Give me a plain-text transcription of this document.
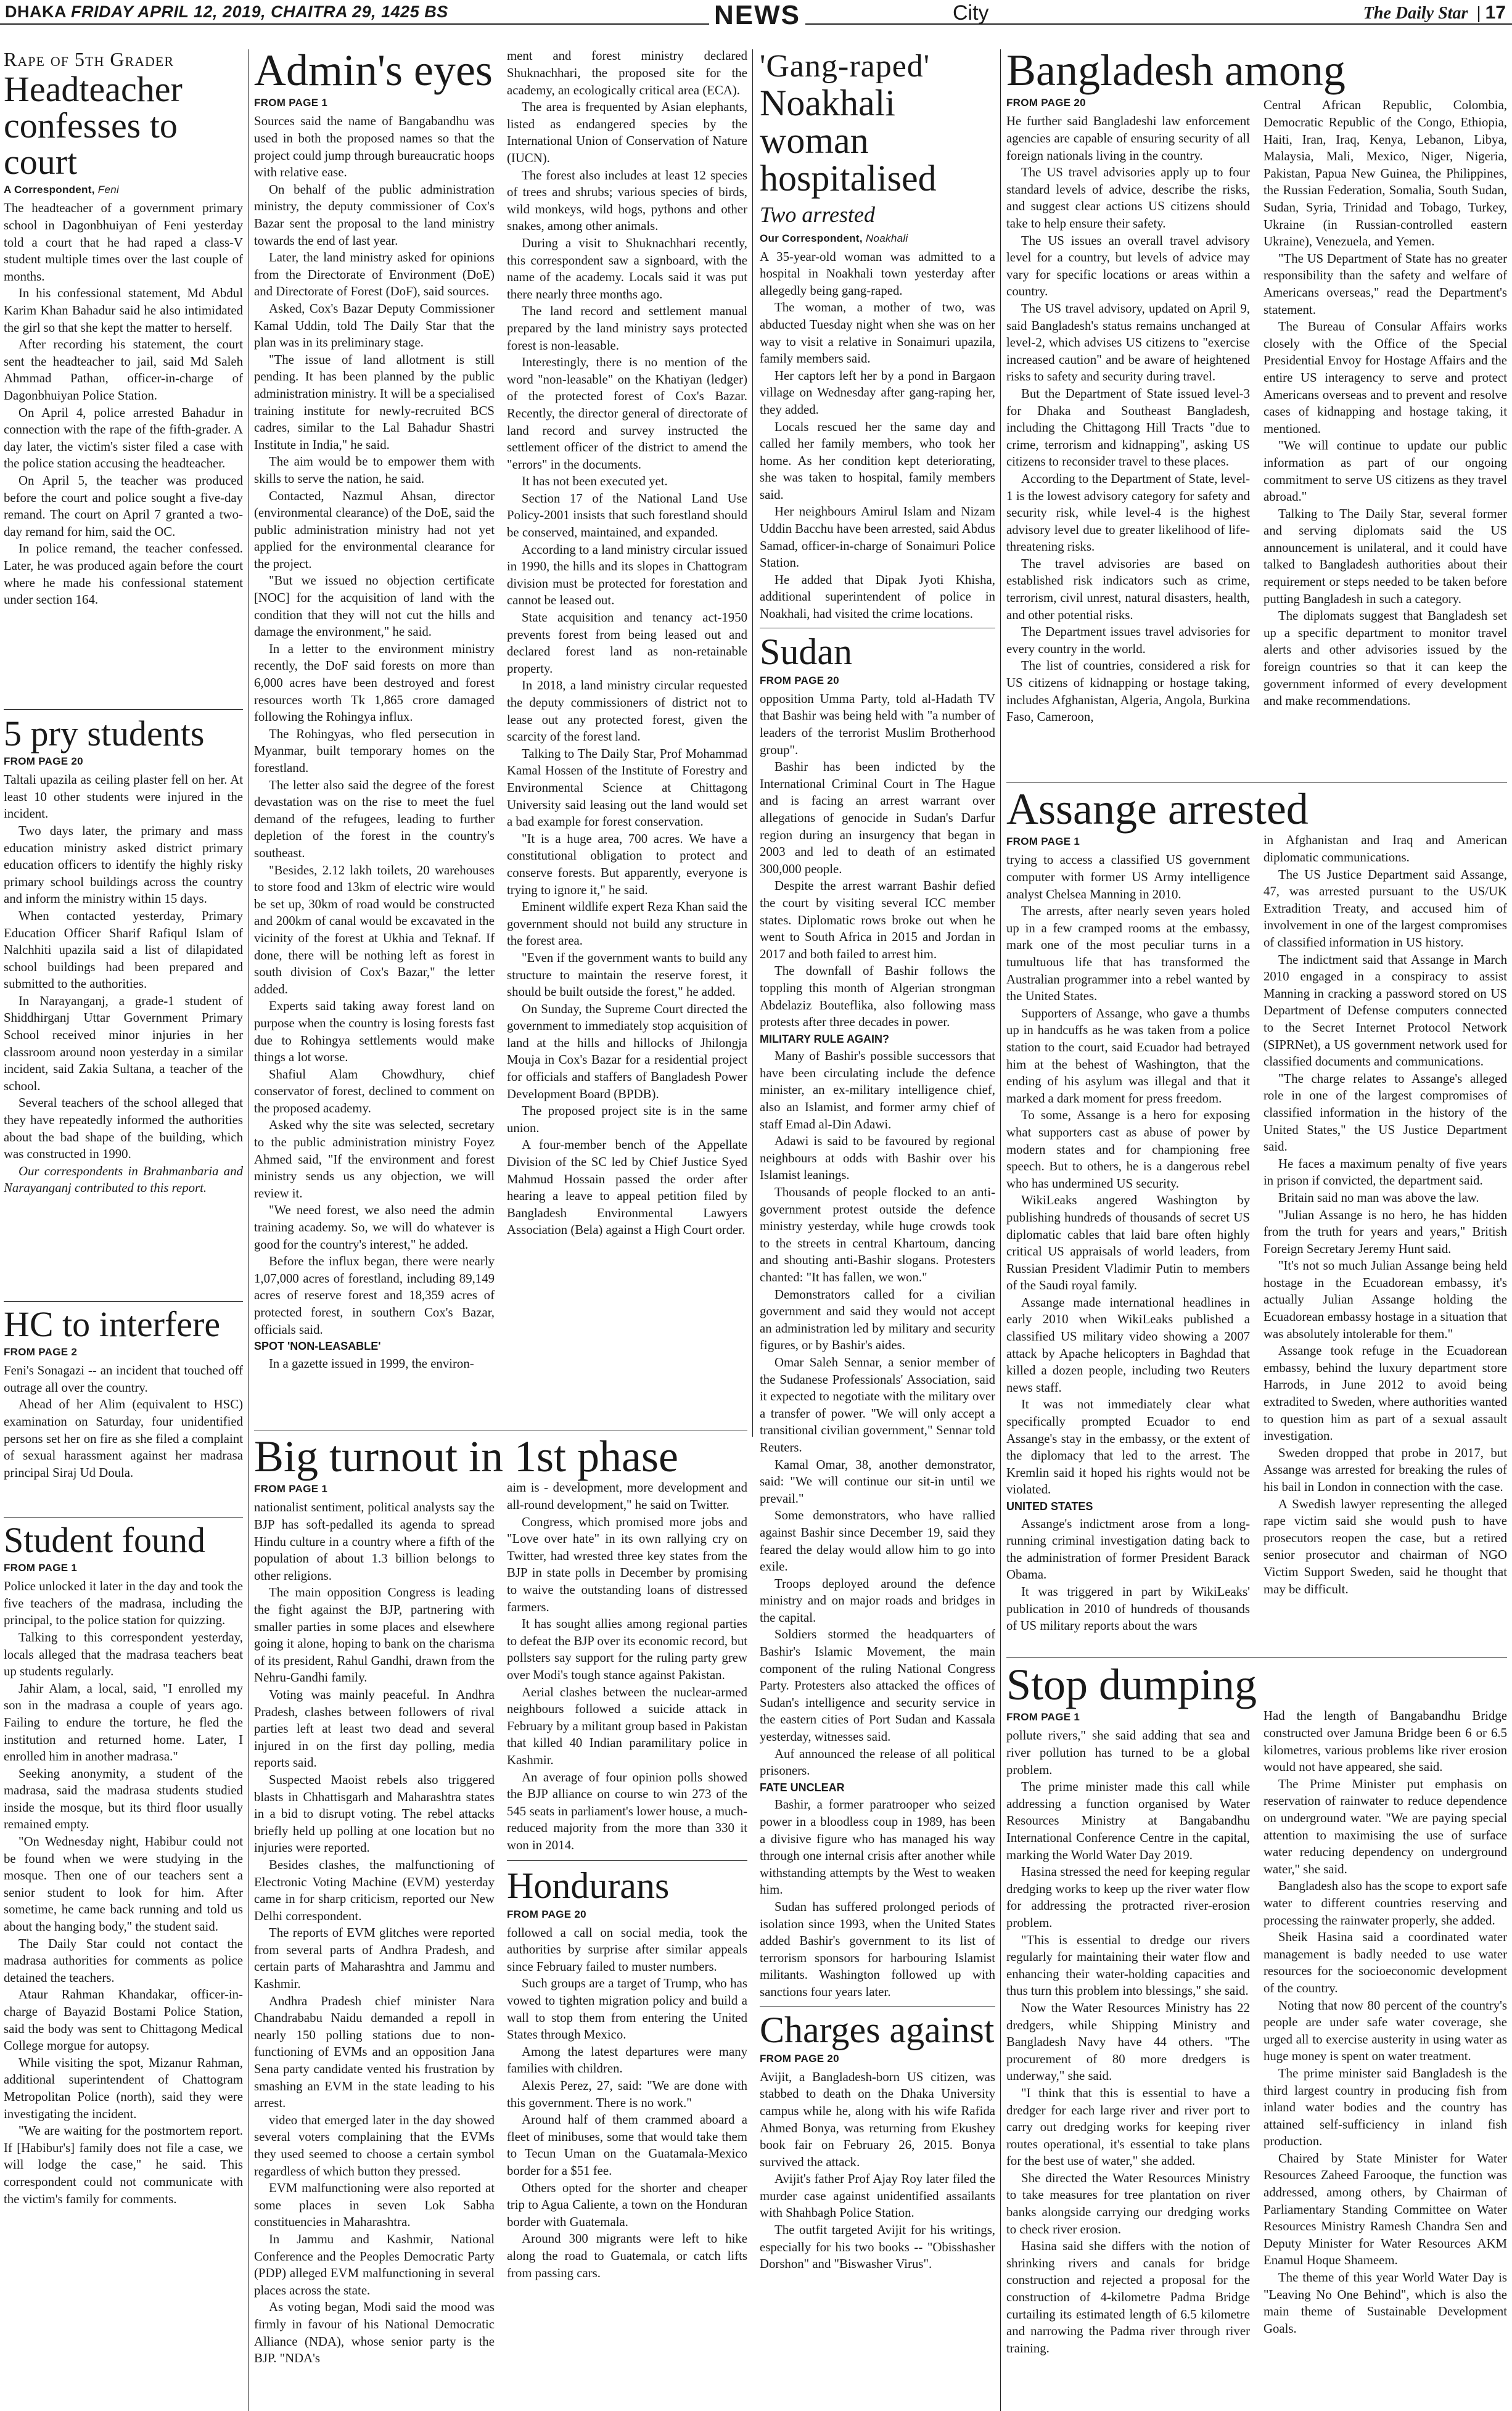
DHAKA FRIDAY APRIL 12, 2019, CHAITRA 29, 1425 BS	NEWS	City	The Daily Star | 17
Rape of 5th Grader
Headteacher confesses to court
A Correspondent, Feni

The headteacher of a government primary school in Dagonbhuiyan of Feni yesterday told a court that he had raped a class-V student multiple times over the last couple of months.

In his confessional statement, Md Abdul Karim Khan Bahadur said he also intimidated the girl so that she kept the matter to herself.

After recording his statement, the court sent the headteacher to jail, said Md Saleh Ahmmad Pathan, officer-in-charge of Dagonbhuiyan Police Station.

On April 4, police arrested Bahadur in connection with the rape of the fifth-grader. A day later, the victim's sister filed a case with the police station accusing the headteacher.

On April 5, the teacher was produced before the court and police sought a five-day remand. The court on April 7 granted a two-day remand for him, said the OC.

In police remand, the teacher confessed. Later, he was produced again before the court where he made his confessional statement under section 164.

5 pry students
FROM PAGE 20

Taltali upazila as ceiling plaster fell on her. At least 10 other students were injured in the incident.

Two days later, the primary and mass education ministry asked district primary education officers to identify the highly risky primary school buildings across the country and inform the ministry within 15 days.

When contacted yesterday, Primary Education Officer Sharif Rafiqul Islam of Nalchhiti upazila said a list of dilapidated school buildings had been prepared and submitted to the authorities.

In Narayanganj, a grade-1 student of Shiddhirganj Uttar Government Primary School received minor injuries in her classroom around noon yesterday in a similar incident, said Zakia Sultana, a teacher of the school.

Several teachers of the school alleged that they have repeatedly informed the authorities about the bad shape of the building, which was constructed in 1990.

Our correspondents in Brahmanbaria and Narayanganj contributed to this report.

HC to interfere
FROM PAGE 2

Feni's Sonagazi -- an incident that touched off outrage all over the country.

Ahead of her Alim (equivalent to HSC) examination on Saturday, four unidentified persons set her on fire as she filed a complaint of sexual harassment against her madrasa principal Siraj Ud Doula.

Student found
FROM PAGE 1

Police unlocked it later in the day and took the five teachers of the madrasa, including the principal, to the police station for quizzing.

Talking to this correspondent yesterday, locals alleged that the madrasa teachers beat up students regularly.

Jahir Alam, a local, said, "I enrolled my son in the madrasa a couple of years ago. Failing to endure the torture, he fled the institution and returned home. Later, I enrolled him in another madrasa."

Seeking anonymity, a student of the madrasa, said the madrasa students studied inside the mosque, but its third floor usually remained empty.

"On Wednesday night, Habibur could not be found when we were studying in the mosque. Then one of our teachers sent a senior student to look for him. After sometime, he came back running and told us about the hanging body," the student said.

The Daily Star could not contact the madrasa authorities for comments as police detained the teachers.

Ataur Rahman Khandakar, officer-in-charge of Bayazid Bostami Police Station, said the body was sent to Chittagong Medical College morgue for autopsy.

While visiting the spot, Mizanur Rahman, additional superintendent of Chattogram Metropolitan Police (north), said they were investigating the incident.

"We are waiting for the postmortem report. If [Habibur's] family does not file a case, we will lodge the case," he said. This correspondent could not communicate with the victim's family for comments.

Admin's eyes
FROM PAGE 1

Sources said the name of Bangabandhu was used in both the proposed names so that the project could jump through bureaucratic hoops with relative ease.

On behalf of the public administration ministry, the deputy commissioner of Cox's Bazar sent the proposal to the land ministry towards the end of last year.

Later, the land ministry asked for opinions from the Directorate of Environment (DoE) and Directorate of Forest (DoF), said sources.

Asked, Cox's Bazar Deputy Commissioner Kamal Uddin, told The Daily Star that the plan was in its preliminary stage.

"The issue of land allotment is still pending. It has been planned by the public administration ministry. It will be a specialised training institute for newly-recruited BCS cadres, similar to the Lal Bahadur Shastri Institute in India," he said.

The aim would be to empower them with skills to serve the nation, he said.

Contacted, Nazmul Ahsan, director (environmental clearance) of the DoE, said the public administration ministry had not yet applied for the environmental clearance for the project.

"But we issued no objection certificate [NOC] for the acquisition of land with the condition that they will not cut the hills and damage the environment," he said.

In a letter to the environment ministry recently, the DoF said forests on more than 6,000 acres have been destroyed and forest resources worth Tk 1,865 crore damaged following the Rohingya influx.

The Rohingyas, who fled persecution in Myanmar, built temporary homes on the forestland.

The letter also said the degree of the forest devastation was on the rise to meet the fuel demand of the refugees, leading to further depletion of the forest in the country's southeast.

"Besides, 2.12 lakh toilets, 20 warehouses to store food and 13km of electric wire would be set up, 30km of road would be constructed and 200km of canal would be excavated in the vicinity of the forest at Ukhia and Teknaf. If done, there will be nothing left as forest in south division of Cox's Bazar," the letter added.

Experts said taking away forest land on purpose when the country is losing forests fast due to Rohingya settlements would make things a lot worse.

Shafiul Alam Chowdhury, chief conservator of forest, declined to comment on the proposed academy.

Asked why the site was selected, secretary to the public administration ministry Foyez Ahmed said, "If the environment and forest ministry sends us any objection, we will review it.

"We need forest, we also need the admin training academy. So, we will do whatever is good for the country's interest," he added.

Before the influx began, there were nearly 1,07,000 acres of forestland, including 89,149 acres of reserve forest and 18,359 acres of protected forest, in southern Cox's Bazar, officials said.

SPOT 'NON-LEASABLE'

In a gazette issued in 1999, the environ-

ment and forest ministry declared Shuknachhari, the proposed site for the academy, an ecologically critical area (ECA).

The area is frequented by Asian elephants, listed as endangered species by the International Union of Conservation of Nature (IUCN).

The forest also includes at least 12 species of trees and shrubs; various species of birds, wild monkeys, wild hogs, pythons and other snakes, among other animals.

During a visit to Shuknachhari recently, this correspondent saw a signboard, with the name of the academy. Locals said it was put there nearly three months ago.

The land record and settlement manual prepared by the land ministry says protected forest is non-leasable.

Interestingly, there is no mention of the word "non-leasable" on the Khatiyan (ledger) of the protected forest of Cox's Bazar. Recently, the director general of directorate of land record and survey instructed the settlement officer of the district to amend the "errors" in the documents.

It has not been executed yet.

Section 17 of the National Land Use Policy-2001 insists that such forestland should be conserved, maintained, and expanded.

According to a land ministry circular issued in 1990, the hills and its slopes in Chattogram division must be protected for forestation and cannot be leased out.

State acquisition and tenancy act-1950 prevents forest from being leased out and declared forest land as non-retainable property.

In 2018, a land ministry circular requested the deputy commissioners of district not to lease out any protected forest, given the scarcity of the forest land.

Talking to The Daily Star, Prof Mohammad Kamal Hossen of the Institute of Forestry and Environmental Science at Chittagong University said leasing out the land would set a bad example for forest conservation.

"It is a huge area, 700 acres. We have a constitutional obligation to protect and conserve forests. But apparently, everyone is trying to ignore it," he said.

Eminent wildlife expert Reza Khan said the government should not build any structure in the forest area.

"Even if the government wants to build any structure to maintain the reserve forest, it should be built outside the forest," he added.

On Sunday, the Supreme Court directed the government to immediately stop acquisition of land at the hills and hillocks of Jhilongja Mouja in Cox's Bazar for a residential project for officials and staffers of Bangladesh Power Development Board (BPDB).

The proposed project site is in the same union.

A four-member bench of the Appellate Division of the SC led by Chief Justice Syed Mahmud Hossain passed the order after hearing a leave to appeal petition filed by Bangladesh Environmental Lawyers Association (Bela) against a High Court order.

Big turnout in 1st phase
FROM PAGE 1

nationalist sentiment, political analysts say the BJP has soft-pedalled its agenda to spread Hindu culture in a country where a fifth of the population of about 1.3 billion belongs to other religions.

The main opposition Congress is leading the fight against the BJP, partnering with smaller parties in some places and elsewhere going it alone, hoping to bank on the charisma of its president, Rahul Gandhi, drawn from the Nehru-Gandhi family.

Voting was mainly peaceful. In Andhra Pradesh, clashes between followers of rival parties left at least two dead and several injured in on the first day polling, media reports said.

Suspected Maoist rebels also triggered blasts in Chhattisgarh and Maharashtra states in a bid to disrupt voting. The rebel attacks briefly held up polling at one location but no injuries were reported.

Besides clashes, the malfunctioning of Electronic Voting Machine (EVM) yesterday came in for sharp criticism, reported our New Delhi correspondent.

The reports of EVM glitches were reported from several parts of Andhra Pradesh, and certain parts of Maharashtra and Jammu and Kashmir.

Andhra Pradesh chief minister Nara Chandrababu Naidu demanded a repoll in nearly 150 polling stations due to non-functioning of EVMs and an opposition Jana Sena party candidate vented his frustration by smashing an EVM in the state leading to his arrest.

video that emerged later in the day showed several voters complaining that the EVMs they used seemed to choose a certain symbol regardless of which button they pressed.

EVM malfunctioning were also reported at some places in seven Lok Sabha constituencies in Maharashtra.

In Jammu and Kashmir, National Conference and the Peoples Democratic Party (PDP) alleged EVM malfunctioning in several places across the state.

As voting began, Modi said the mood was firmly in favour of his National Democratic Alliance (NDA), whose senior party is the BJP. "NDA's

aim is - development, more development and all-round development," he said on Twitter.

Congress, which promised more jobs and "Love over hate" in its own rallying cry on Twitter, had wrested three key states from the BJP in state polls in December by promising to waive the outstanding loans of distressed farmers.

It has sought allies among regional parties to defeat the BJP over its economic record, but pollsters say support for the ruling party grew over Modi's tough stance against Pakistan.

Aerial clashes between the nuclear-armed neighbours followed a suicide attack in February by a militant group based in Pakistan that killed 40 Indian paramilitary police in Kashmir.

An average of four opinion polls showed the BJP alliance on course to win 273 of the 545 seats in parliament's lower house, a much-reduced majority from the more than 330 it won in 2014.

Hondurans
FROM PAGE 20

followed a call on social media, took the authorities by surprise after similar appeals since February failed to muster numbers.

Such groups are a target of Trump, who has vowed to tighten migration policy and build a wall to stop them from entering the United States through Mexico.

Among the latest departures were many families with children.

Alexis Perez, 27, said: "We are done with this government. There is no work."

Around half of them crammed aboard a fleet of minibuses, some that would take them to Tecun Uman on the Guatamala-Mexico border for a $51 fee.

Others opted for the shorter and cheaper trip to Agua Caliente, a town on the Honduran border with Guatemala.

Around 300 migrants were left to hike along the road to Guatemala, or catch lifts from passing cars.

'Gang-raped'
Noakhali woman hospitalised
Two arrested
Our Correspondent, Noakhali

A 35-year-old woman was admitted to a hospital in Noakhali town yesterday after allegedly being gang-raped.

The woman, a mother of two, was abducted Tuesday night when she was on her way to visit a relative in Sonaimuri upazila, family members said.

Her captors left her by a pond in Bargaon village on Wednesday after gang-raping her, they added.

Locals rescued her the same day and called her family members, who took her home. As her condition kept deteriorating, she was taken to hospital, family members said.

Her neighbours Amirul Islam and Nizam Uddin Bacchu have been arrested, said Abdus Samad, officer-in-charge of Sonaimuri Police Station.

He added that Dipak Jyoti Khisha, additional superintendent of police in Noakhali, had visited the crime locations.

Sudan
FROM PAGE 20

opposition Umma Party, told al-Hadath TV that Bashir was being held with "a number of leaders of the terrorist Muslim Brotherhood group".

Bashir has been indicted by the International Criminal Court in The Hague and is facing an arrest warrant over allegations of genocide in Sudan's Darfur region during an insurgency that began in 2003 and led to death of an estimated 300,000 people.

Despite the arrest warrant Bashir defied the court by visiting several ICC member states. Diplomatic rows broke out when he went to South Africa in 2015 and Jordan in 2017 and both failed to arrest him.

The downfall of Bashir follows the toppling this month of Algerian strongman Abdelaziz Bouteflika, also following mass protests after three decades in power.

MILITARY RULE AGAIN?

Many of Bashir's possible successors that have been circulating include the defence minister, an ex-military intelligence chief, also an Islamist, and former army chief of staff Emad al-Din Adawi.

Adawi is said to be favoured by regional neighbours at odds with Bashir over his Islamist leanings.

Thousands of people flocked to an anti-government protest outside the defence ministry yesterday, while huge crowds took to the streets in central Khartoum, dancing and shouting anti-Bashir slogans. Protesters chanted: "It has fallen, we won."

Demonstrators called for a civilian government and said they would not accept an administration led by military and security figures, or by Bashir's aides.

Omar Saleh Sennar, a senior member of the Sudanese Professionals' Association, said it expected to negotiate with the military over a transfer of power. "We will only accept a transitional civilian government," Sennar told Reuters.

Kamal Omar, 38, another demonstrator, said: "We will continue our sit-in until we prevail."

Some demonstrators, who have rallied against Bashir since December 19, said they feared the delay would allow him to go into exile.

Troops deployed around the defence ministry and on major roads and bridges in the capital.

Soldiers stormed the headquarters of Bashir's Islamic Movement, the main component of the ruling National Congress Party. Protesters also attacked the offices of Sudan's intelligence and security service in the eastern cities of Port Sudan and Kassala yesterday, witnesses said.

Auf announced the release of all political prisoners.

FATE UNCLEAR

Bashir, a former paratrooper who seized power in a bloodless coup in 1989, has been a divisive figure who has managed his way through one internal crisis after another while withstanding attempts by the West to weaken him.

Sudan has suffered prolonged periods of isolation since 1993, when the United States added Bashir's government to its list of terrorism sponsors for harbouring Islamist militants. Washington followed up with sanctions four years later.

Charges against
FROM PAGE 20

Avijit, a Bangladesh-born US citizen, was stabbed to death on the Dhaka University campus while he, along with his wife Rafida Ahmed Bonya, was returning from Ekushey book fair on February 26, 2015. Bonya survived the attack.

Avijit's father Prof Ajay Roy later filed the murder case against unidentified assailants with Shahbagh Police Station.

The outfit targeted Avijit for his writings, especially for his two books -- "Obisshasher Dorshon" and "Biswasher Virus".

Bangladesh among
FROM PAGE 20

He further said Bangladeshi law enforcement agencies are capable of ensuring security of all foreign nationals living in the country.

The US travel advisories apply up to four standard levels of advice, describe the risks, and suggest clear actions US citizens should take to help ensure their safety.

The US issues an overall travel advisory level for a country, but levels of advice may vary for specific locations or areas within a country.

The US travel advisory, updated on April 9, said Bangladesh's status remains unchanged at level-2, which advises US citizens to "exercise increased caution" and be aware of heightened risks to safety and security during travel.

But the Department of State issued level-3 for Dhaka and Southeast Bangladesh, including the Chittagong Hill Tracts "due to crime, terrorism and kidnapping", asking US citizens to reconsider travel to these places.

According to the Department of State, level-1 is the lowest advisory category for safety and security risk, while level-4 is the highest advisory level due to greater likelihood of life-threatening risks.

The travel advisories are based on established risk indicators such as crime, terrorism, civil unrest, natural disasters, health, and other potential risks.

The Department issues travel advisories for every country in the world.

The list of countries, considered a risk for US citizens of kidnapping or hostage taking, includes Afghanistan, Algeria, Angola, Burkina Faso, Cameroon,

Central African Republic, Colombia, Democratic Republic of the Congo, Ethiopia, Haiti, Iran, Iraq, Kenya, Lebanon, Libya, Malaysia, Mali, Mexico, Niger, Nigeria, Pakistan, Papua New Guinea, the Philippines, the Russian Federation, Somalia, South Sudan, Sudan, Syria, Trinidad and Tobago, Turkey, Ukraine (in Russian-controlled eastern Ukraine), Venezuela, and Yemen.

"The US Department of State has no greater responsibility than the safety and welfare of Americans overseas," read the Department's statement.

The Bureau of Consular Affairs works closely with the Office of the Special Presidential Envoy for Hostage Affairs and the entire US interagency to serve and protect Americans overseas and to prevent and resolve cases of kidnapping and hostage taking, it mentioned.

"We will continue to update our public information as part of our ongoing commitment to serve US citizens as they travel abroad."

Talking to The Daily Star, several former and serving diplomats said the US announcement is unilateral, and it could have talked to Bangladesh authorities about their requirement or steps needed to be taken before putting Bangladesh in such a category.

The diplomats suggest that Bangladesh set up a specific department to monitor travel alerts and other advisories issued by the foreign countries so that it can keep the government informed of every development and make recommendations.

Assange arrested
FROM PAGE 1

trying to access a classified US government computer with former US Army intelligence analyst Chelsea Manning in 2010.

The arrests, after nearly seven years holed up in a few cramped rooms at the embassy, mark one of the most peculiar turns in a tumultuous life that has transformed the Australian programmer into a rebel wanted by the United States.

Supporters of Assange, who gave a thumbs up in handcuffs as he was taken from a police station to the court, said Ecuador had betrayed him at the behest of Washington, that the ending of his asylum was illegal and that it marked a dark moment for press freedom.

To some, Assange is a hero for exposing what supporters cast as abuse of power by modern states and for championing free speech. But to others, he is a dangerous rebel who has undermined US security.

WikiLeaks angered Washington by publishing hundreds of thousands of secret US diplomatic cables that laid bare often highly critical US appraisals of world leaders, from Russian President Vladimir Putin to members of the Saudi royal family.

Assange made international headlines in early 2010 when WikiLeaks published a classified US military video showing a 2007 attack by Apache helicopters in Baghdad that killed a dozen people, including two Reuters news staff.

It was not immediately clear what specifically prompted Ecuador to end Assange's stay in the embassy, or the extent of the diplomacy that led to the arrest. The Kremlin said it hoped his rights would not be violated.

UNITED STATES

Assange's indictment arose from a long-running criminal investigation dating back to the administration of former President Barack Obama.

It was triggered in part by WikiLeaks' publication in 2010 of hundreds of thousands of US military reports about the wars

in Afghanistan and Iraq and American diplomatic communications.

The US Justice Department said Assange, 47, was arrested pursuant to the US/UK Extradition Treaty, and accused him of involvement in one of the largest compromises of classified information in US history.

The indictment said that Assange in March 2010 engaged in a conspiracy to assist Manning in cracking a password stored on US Department of Defense computers connected to the Secret Internet Protocol Network (SIPRNet), a US government network used for classified documents and communications.

"The charge relates to Assange's alleged role in one of the largest compromises of classified information in the history of the United States," the US Justice Department said.

He faces a maximum penalty of five years in prison if convicted, the department said.

Britain said no man was above the law.

"Julian Assange is no hero, he has hidden from the truth for years and years," British Foreign Secretary Jeremy Hunt said.

"It's not so much Julian Assange being held hostage in the Ecuadorean embassy, it's actually Julian Assange holding the Ecuadorean embassy hostage in a situation that was absolutely intolerable for them."

Assange took refuge in the Ecuadorean embassy, behind the luxury department store Harrods, in June 2012 to avoid being extradited to Sweden, where authorities wanted to question him as part of a sexual assault investigation.

Sweden dropped that probe in 2017, but Assange was arrested for breaking the rules of his bail in London in connection with the case.

A Swedish lawyer representing the alleged rape victim said she would push to have prosecutors reopen the case, but a retired senior prosecutor and chairman of NGO Victim Support Sweden, said he thought that may be difficult.

Stop dumping
FROM PAGE 1

pollute rivers," she said adding that sea and river pollution has turned to be a global problem.

The prime minister made this call while addressing a function organised by Water Resources Ministry at Bangabandhu International Conference Centre in the capital, marking the World Water Day 2019.

Hasina stressed the need for keeping regular dredging works to keep up the river water flow for addressing the protracted river-erosion problem.

"This is essential to dredge our rivers regularly for maintaining their water flow and enhancing their water-holding capacities and thus turn this problem into blessings," she said.

Now the Water Resources Ministry has 22 dredgers, while Shipping Ministry and Bangladesh Navy have 44 others. "The procurement of 80 more dredgers is underway," she said.

"I think that this is essential to have a dredger for each large river and river port to carry out dredging works for keeping river routes operational, it's essential to take plans for the best use of water," she added.

She directed the Water Resources Ministry to take measures for tree plantation on river banks alongside carrying our dredging works to check river erosion.

Hasina said she differs with the notion of shrinking rivers and canals for bridge construction and rejected a proposal for the construction of 4-kilometre Padma Bridge curtailing its estimated length of 6.5 kilometre and narrowing the Padma river through river training.

Had the length of Bangabandhu Bridge constructed over Jamuna Bridge been 6 or 6.5 kilometres, various problems like river erosion would not have appeared, she said.

The Prime Minister put emphasis on reservation of rainwater to reduce dependence on underground water. "We are paying special attention to maximising the use of surface water reducing dependency on underground water," she said.

Bangladesh also has the scope to export safe water to different countries reserving and processing the rainwater properly, she added.

Sheik Hasina said a coordinated water management is badly needed to use water resources for the socioeconomic development of the country.

Noting that now 80 percent of the country's people are under safe water coverage, she urged all to exercise austerity in using water as huge money is spent on water treatment.

The prime minister said Bangladesh is the third largest country in producing fish from inland water bodies and the country has attained self-sufficiency in inland fish production.

Chaired by State Minister for Water Resources Zaheed Farooque, the function was addressed, among others, by Chairman of Parliamentary Standing Committee on Water Resources Ministry Ramesh Chandra Sen and Deputy Minister for Water Resources AKM Enamul Hoque Shameem.

The theme of this year World Water Day is "Leaving No One Behind", which is also the main theme of Sustainable Development Goals.
